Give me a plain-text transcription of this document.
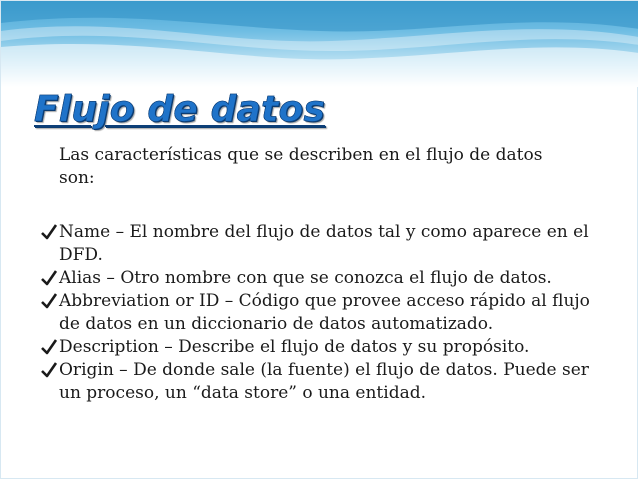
Flujo de datos
Las características que se describen en el flujo de datos son:
Name – El nombre del flujo de datos tal y como aparece en el DFD.
Alias – Otro nombre con que se conozca el flujo de datos.
Abbreviation or ID – Código que provee acceso rápido al flujo de datos en un diccionario de datos automatizado.
Description – Describe el flujo de datos y su propósito.
Origin – De donde sale (la fuente) el flujo de datos. Puede ser un proceso, un “data store” o una entidad.
